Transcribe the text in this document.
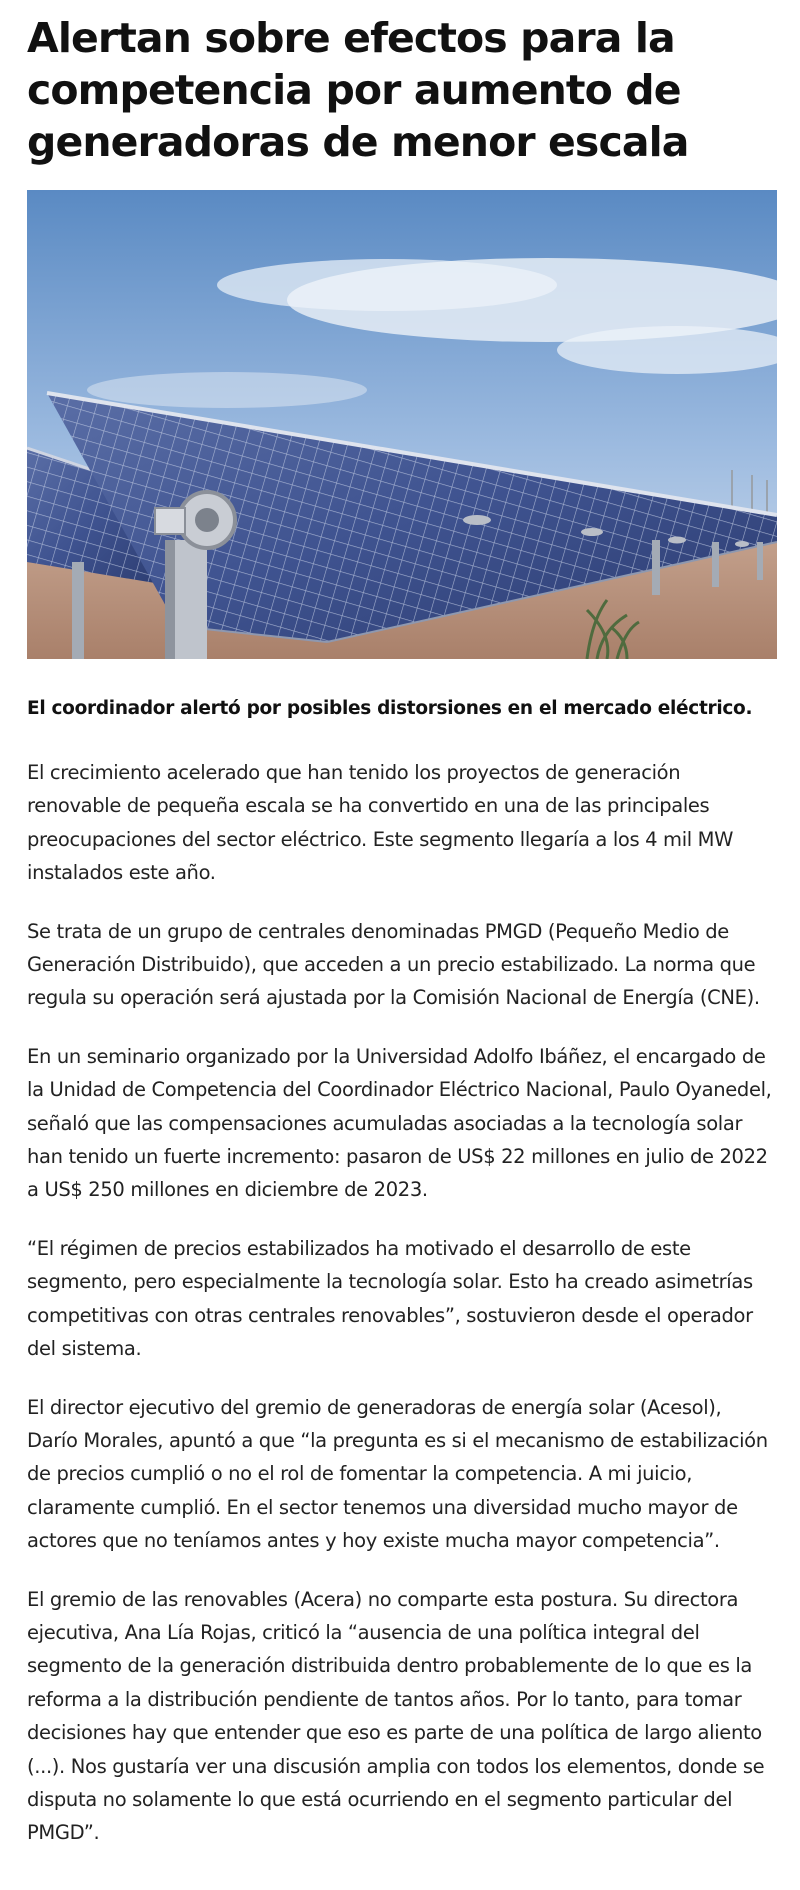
Alertan sobre efectos para la competencia por aumento de generadoras de menor escala

El coordinador alertó por posibles distorsiones en el mercado eléctrico.

El crecimiento acelerado que han tenido los proyectos de generación renovable de pequeña escala se ha convertido en una de las principales preocupaciones del sector eléctrico. Este segmento llegaría a los 4 mil MW instalados este año.

Se trata de un grupo de centrales denominadas PMGD (Pequeño Medio de Generación Distribuido), que acceden a un precio estabilizado. La norma que regula su operación será ajustada por la Comisión Nacional de Energía (CNE).

En un seminario organizado por la Universidad Adolfo Ibáñez, el encargado de la Unidad de Competencia del Coordinador Eléctrico Nacional, Paulo Oyanedel, señaló que las compensaciones acumuladas asociadas a la tecnología solar han tenido un fuerte incremento: pasaron de US$ 22 millones en julio de 2022 a US$ 250 millones en diciembre de 2023.

“El régimen de precios estabilizados ha motivado el desarrollo de este segmento, pero especialmente la tecnología solar. Esto ha creado asimetrías competitivas con otras centrales renovables”, sostuvieron desde el operador del sistema.

El director ejecutivo del gremio de generadoras de energía solar (Acesol), Darío Morales, apuntó a que “la pregunta es si el mecanismo de estabilización de precios cumplió o no el rol de fomentar la competencia. A mi juicio, claramente cumplió. En el sector tenemos una diversidad mucho mayor de actores que no teníamos antes y hoy existe mucha mayor competencia”.

El gremio de las renovables (Acera) no comparte esta postura. Su directora ejecutiva, Ana Lía Rojas, criticó la “ausencia de una política integral del segmento de la generación distribuida dentro probablemente de lo que es la reforma a la distribución pendiente de tantos años. Por lo tanto, para tomar decisiones hay que entender que eso es parte de una política de largo aliento (...). Nos gustaría ver una discusión amplia con todos los elementos, donde se disputa no solamente lo que está ocurriendo en el segmento particular del PMGD”.
